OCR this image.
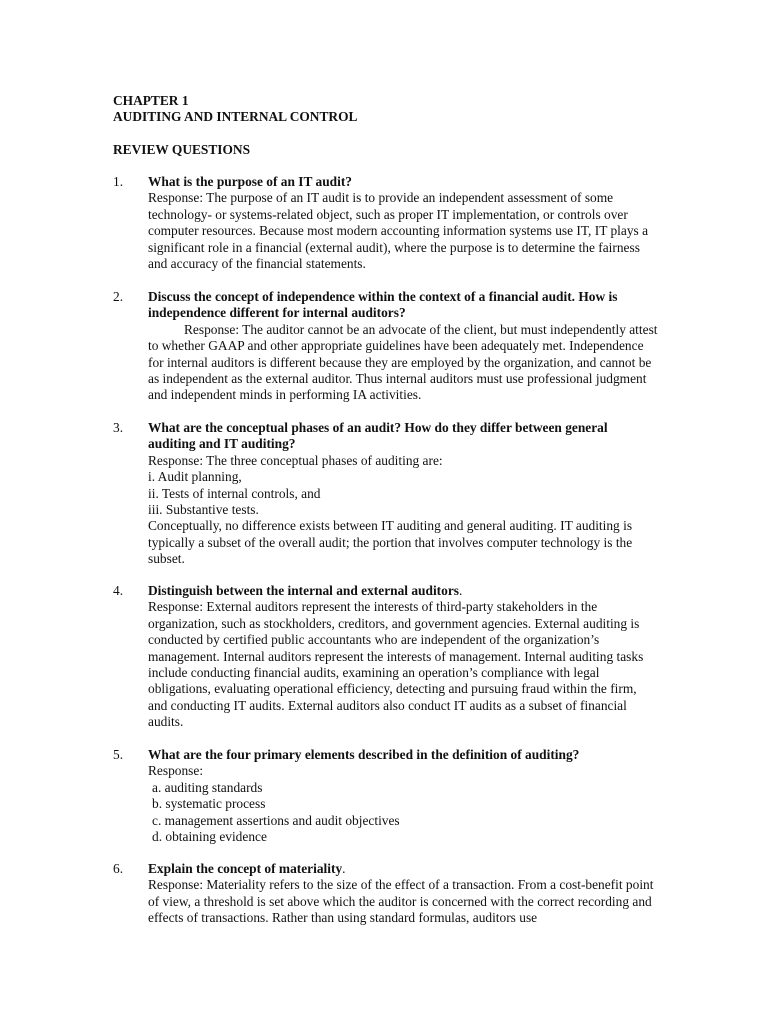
CHAPTER 1
AUDITING AND INTERNAL CONTROL
REVIEW QUESTIONS
1.	What is the purpose of an IT audit?

Response: The purpose of an IT audit is to provide an independent assessment of some technology- or systems-related object, such as proper IT implementation, or controls over computer resources. Because most modern accounting information systems use IT, IT plays a significant role in a financial (external audit), where the purpose is to determine the fairness and accuracy of the financial statements.

2.	Discuss the concept of independence within the context of a financial audit. How is independence different for internal auditors?

Response: The auditor cannot be an advocate of the client, but must independently attest to whether GAAP and other appropriate guidelines have been adequately met. Independence for internal auditors is different because they are employed by the organization, and cannot be as independent as the external auditor. Thus internal auditors must use professional judgment and independent minds in performing IA activities.

3.	What are the conceptual phases of an audit? How do they differ between general auditing and IT auditing?

Response: The three conceptual phases of auditing are:

i. Audit planning,
ii. Tests of internal controls, and
iii. Substantive tests.

Conceptually, no difference exists between IT auditing and general auditing. IT auditing is typically a subset of the overall audit; the portion that involves computer technology is the subset.

4.	Distinguish between the internal and external auditors.

Response: External auditors represent the interests of third-party stakeholders in the organization, such as stockholders, creditors, and government agencies. External auditing is conducted by certified public accountants who are independent of the organization’s management. Internal auditors represent the interests of management. Internal auditing tasks include conducting financial audits, examining an operation’s compliance with legal obligations, evaluating operational efficiency, detecting and pursuing fraud within the firm, and conducting IT audits. External auditors also conduct IT audits as a subset of financial audits.

5.	What are the four primary elements described in the definition of auditing?

Response:

a. auditing standards
b. systematic process
c. management assertions and audit objectives
d. obtaining evidence
6.	Explain the concept of materiality.

Response: Materiality refers to the size of the effect of a transaction. From a cost-benefit point of view, a threshold is set above which the auditor is concerned with the correct recording and effects of transactions. Rather than using standard formulas, auditors use
